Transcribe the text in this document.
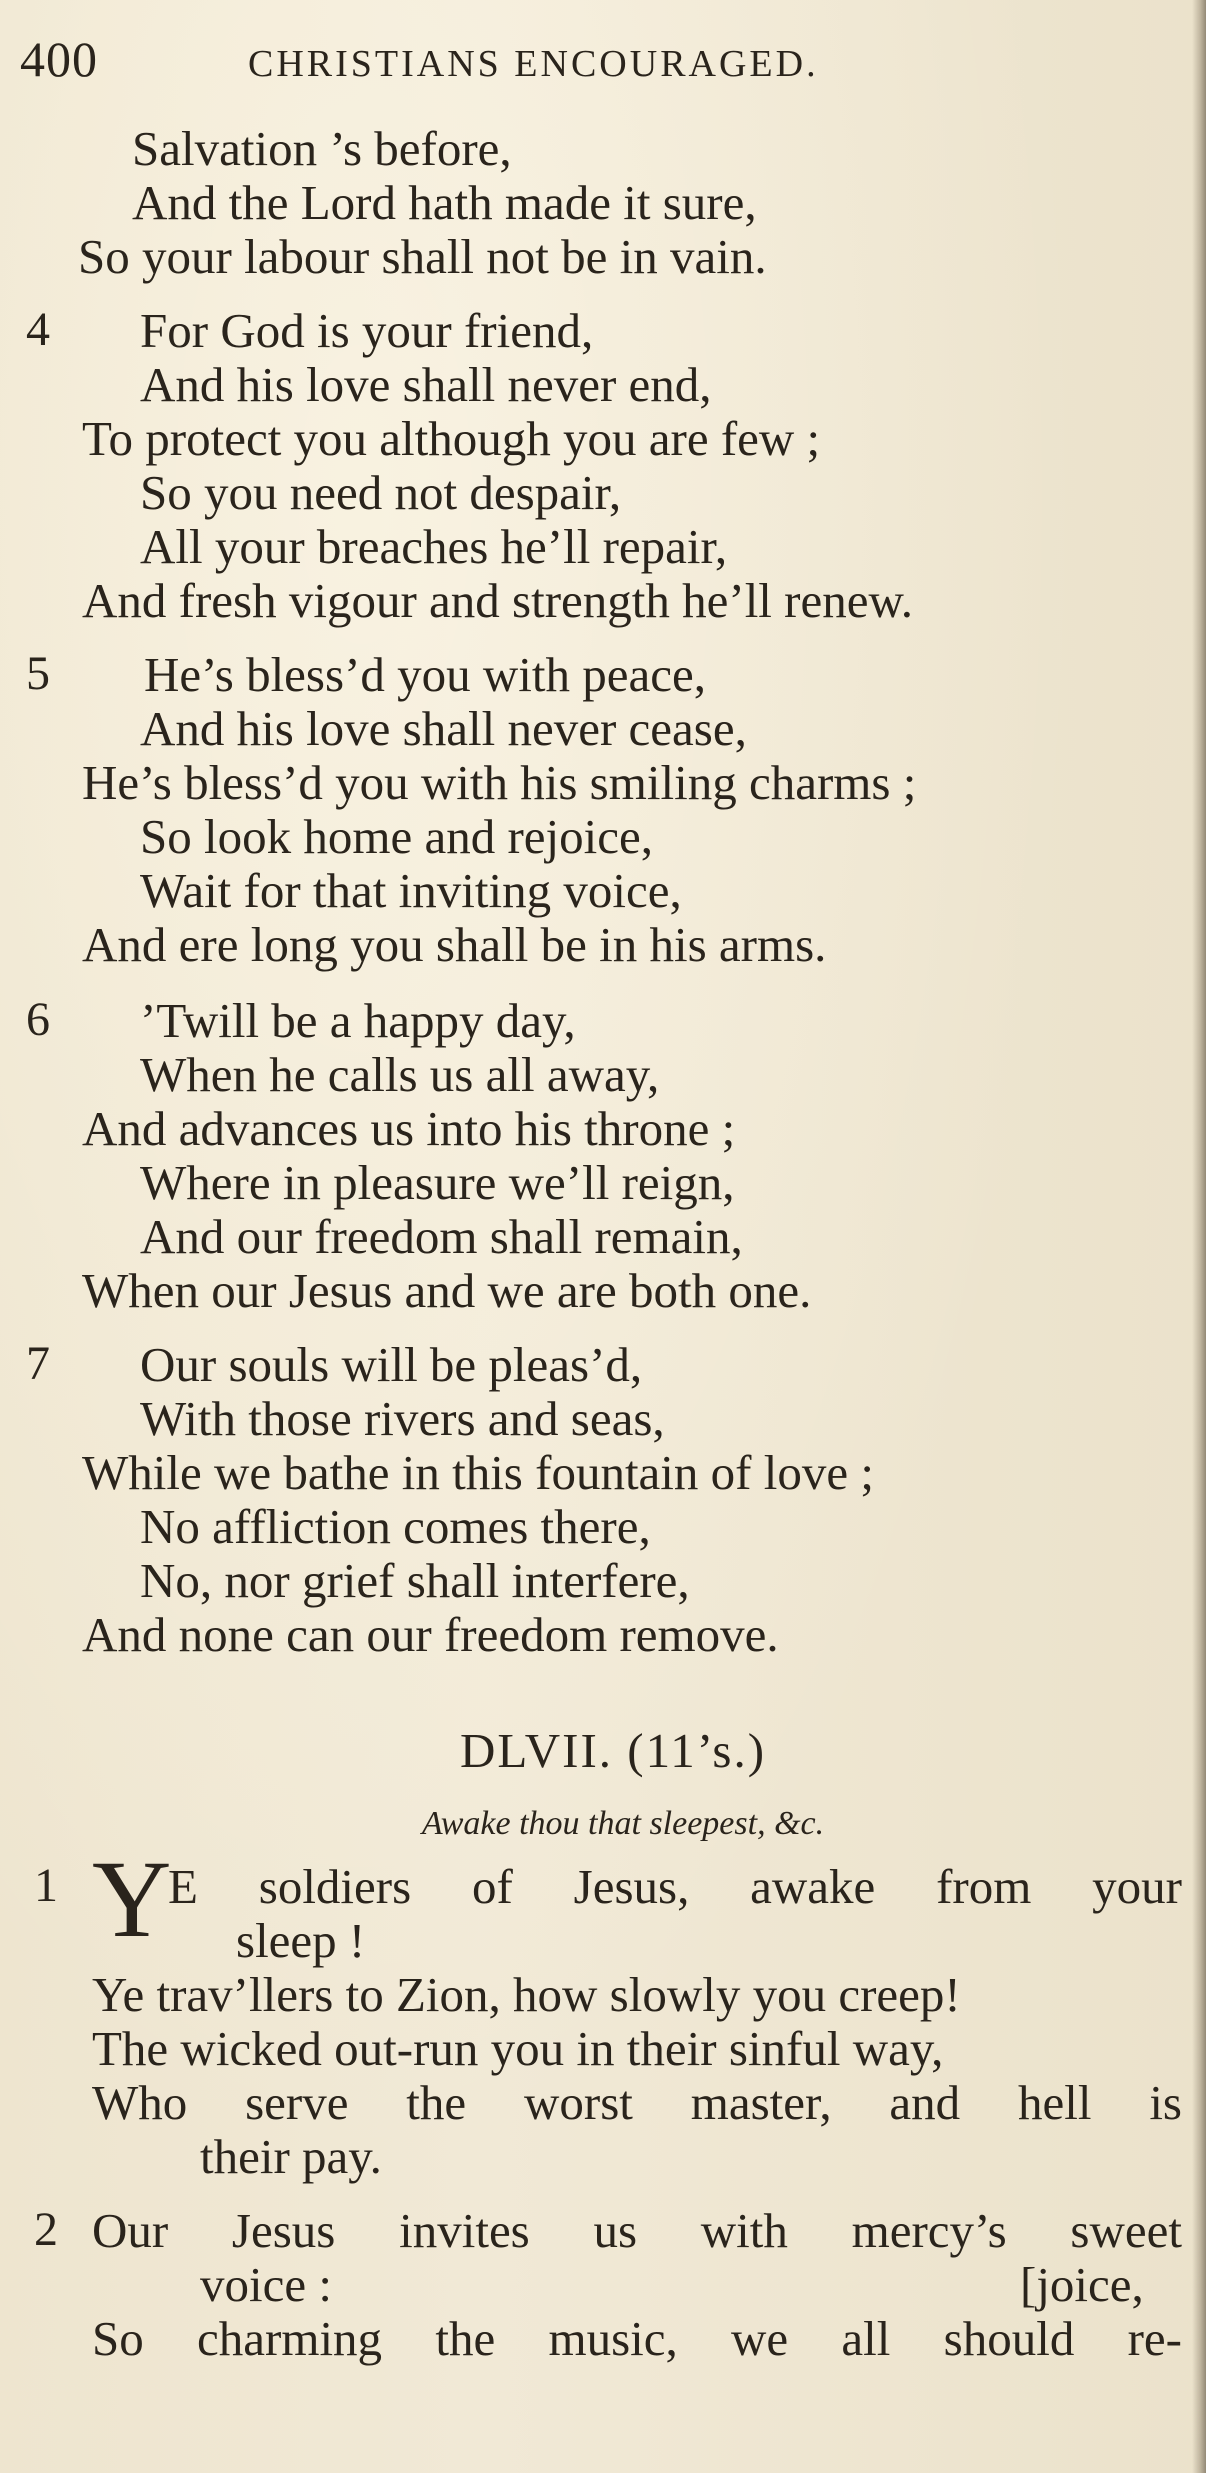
400	CHRISTIANS ENCOURAGED.
Salvation ’s before,
And the Lord hath made it sure,
So your labour shall not be in vain.
4 For God is your friend,
And his love shall never end,
To protect you although you are few ;
So you need not despair,
All your breaches he’ll repair,
And fresh vigour and strength he’ll renew.
5 He’s bless’d you with peace,
And his love shall never cease,
He’s bless’d you with his smiling charms ;
So look home and rejoice,
Wait for that inviting voice,
And ere long you shall be in his arms.
6 ’Twill be a happy day,
When he calls us all away,
And advances us into his throne ;
Where in pleasure we’ll reign,
And our freedom shall remain,
When our Jesus and we are both one.
7 Our souls will be pleas’d,
With those rivers and seas,
While we bathe in this fountain of love ;
No affliction comes there,
No, nor grief shall interfere,
And none can our freedom remove.
DLVII. (11’s.)
Awake thou that sleepest, &c.
1 Y
E soldiers of Jesus, awake from your
sleep !
Ye trav’llers to Zion, how slowly you creep!
The wicked out-run you in their sinful way,
Who serve the worst master, and hell is
their pay.
2 Our Jesus invites us with mercy’s sweet
voice :	[joice,
So charming the music, we all should re-
